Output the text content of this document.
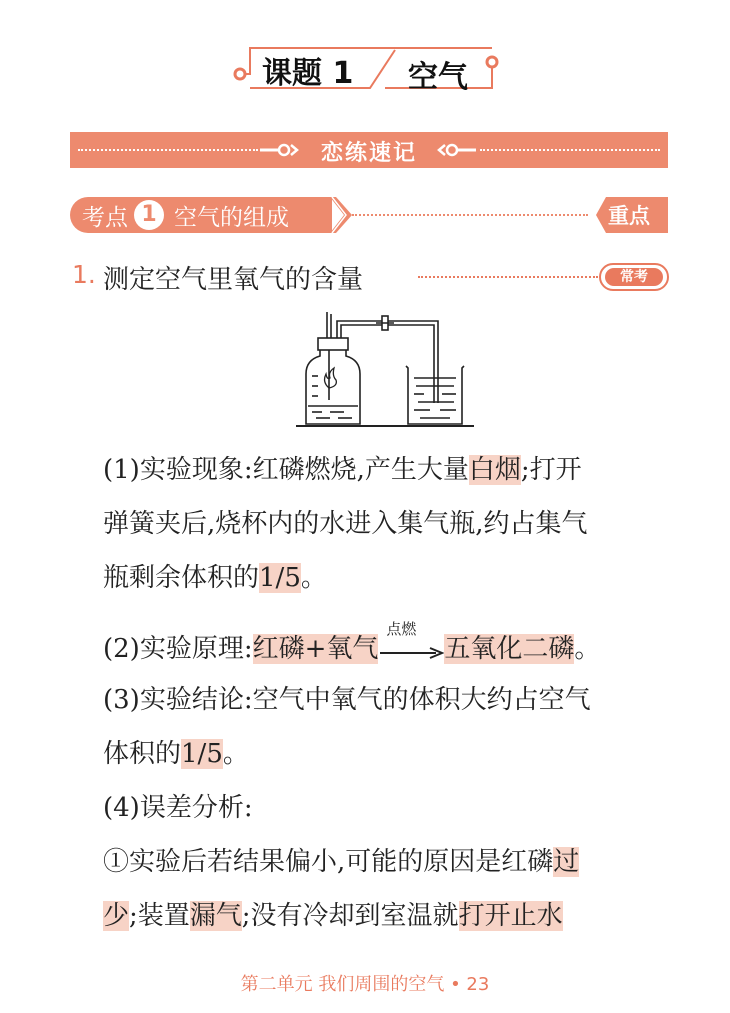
课题 1 空气
恋练速记
考点 空气的组成
1	重点
1. 测定空气里氧气的含量	常考

(1)实验现象:红磷燃烧,产生大量白烟;打开
弹簧夹后,烧杯内的水进入集气瓶,约占集气
瓶剩余体积的1/5。

(2)实验原理:红磷+氧气
点燃
五氧化二磷。

(3)实验结论:空气中氧气的体积大约占空气
体积的1/5。

(4)误差分析:

①实验后若结果偏小,可能的原因是红磷过
少;装置漏气;没有冷却到室温就打开止水

第二单元 我们周围的空气 • 23
